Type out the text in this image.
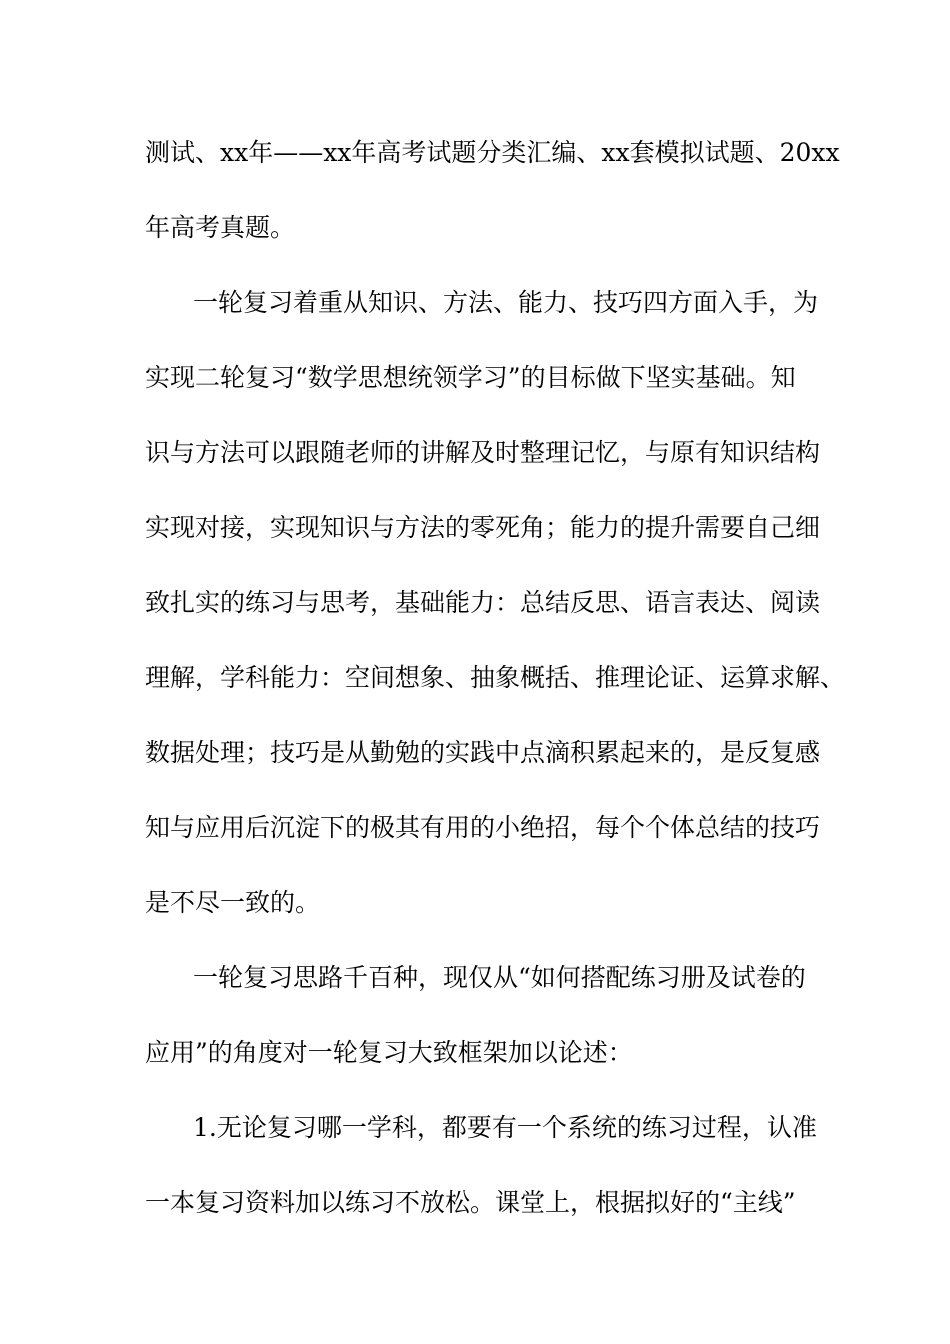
测试、xx年——xx年高考试题分类汇编、xx套模拟试题、20xx
年高考真题。
一轮复习着重从知识、方法、能力、技巧四方面入手，为
实现二轮复习“数学思想统领学习”的目标做下坚实基础。知
识与方法可以跟随老师的讲解及时整理记忆，与原有知识结构
实现对接，实现知识与方法的零死角；能力的提升需要自己细
致扎实的练习与思考，基础能力：总结反思、语言表达、阅读
理解，学科能力：空间想象、抽象概括、推理论证、运算求解、
数据处理；技巧是从勤勉的实践中点滴积累起来的，是反复感
知与应用后沉淀下的极其有用的小绝招，每个个体总结的技巧
是不尽一致的。
一轮复习思路千百种，现仅从“如何搭配练习册及试卷的
应用”的角度对一轮复习大致框架加以论述：
1.无论复习哪一学科，都要有一个系统的练习过程，认准
一本复习资料加以练习不放松。课堂上，根据拟好的“主线”
